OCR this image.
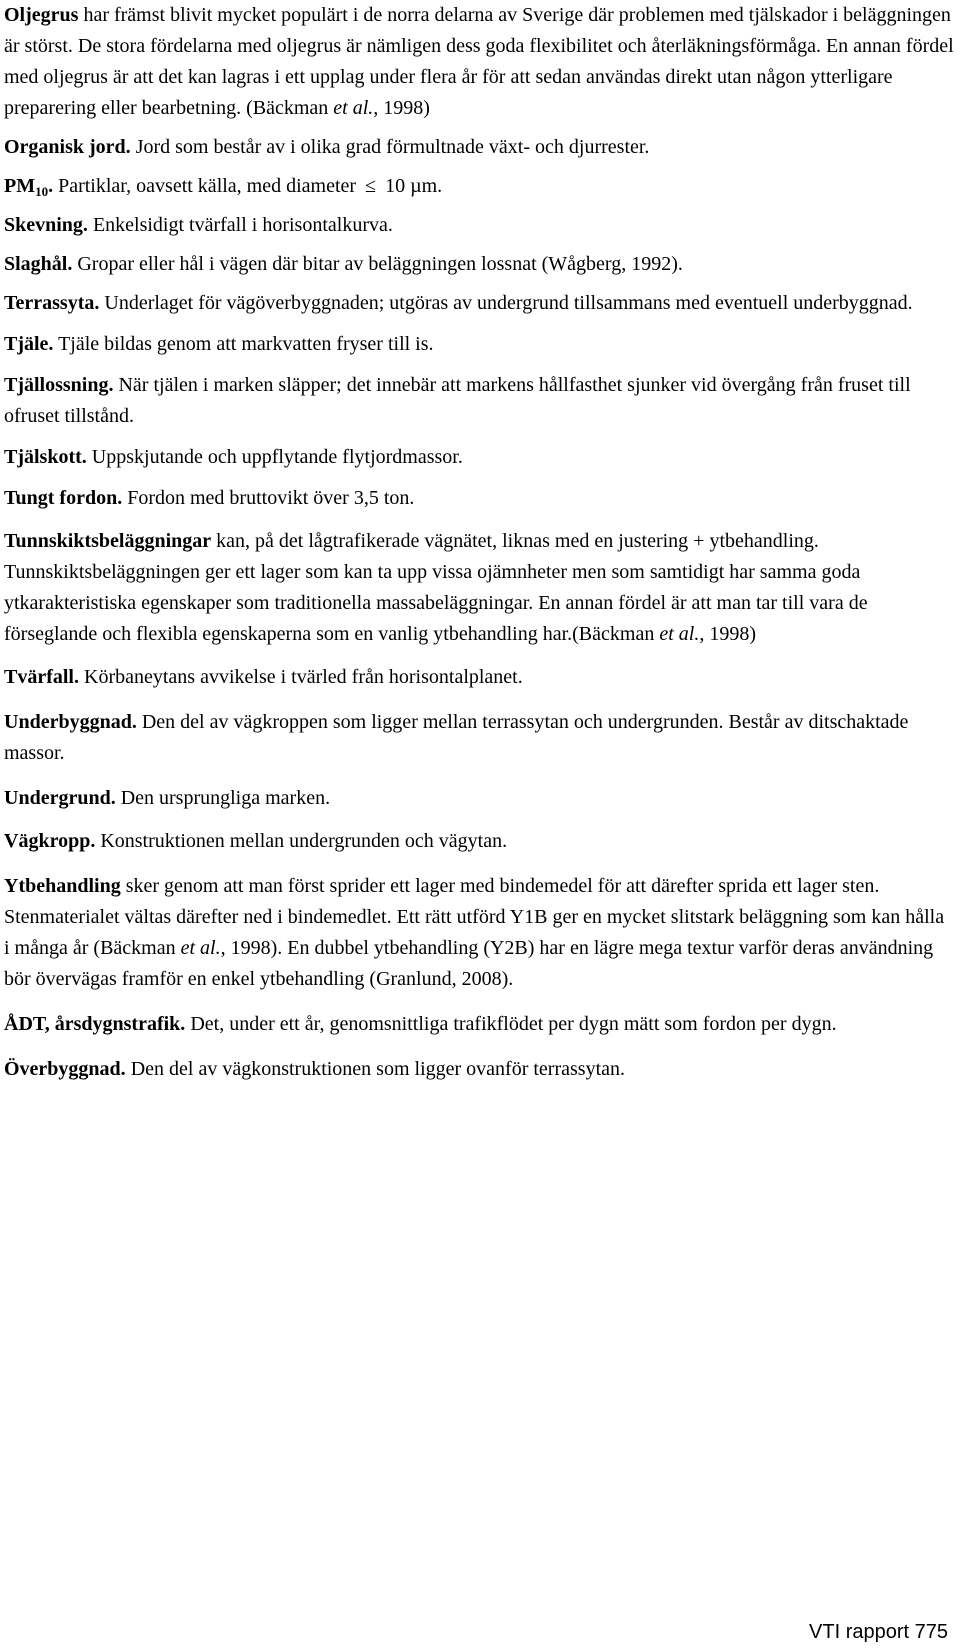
Oljegrus har främst blivit mycket populärt i de norra delarna av Sverige där problemen med tjälskador i beläggningen är störst. De stora fördelarna med oljegrus är nämligen dess goda flexibilitet och återläkningsförmåga. En annan fördel med oljegrus är att det kan lagras i ett upplag under flera år för att sedan användas direkt utan någon ytterligare preparering eller bearbetning. (Bäckman et al., 1998)

Organisk jord. Jord som består av i olika grad förmultnade växt- och djurrester.

$PM_{10}$. Partiklar, oavsett källa, med diameter ≤ 10 µm.

Skevning. Enkelsidigt tvärfall i horisontalkurva.

Slaghål. Gropar eller hål i vägen där bitar av beläggningen lossnat (Wågberg, 1992).

Terrassyta. Underlaget för vägöverbyggnaden; utgöras av undergrund tillsammans med eventuell underbyggnad.

Tjäle. Tjäle bildas genom att markvatten fryser till is.

Tjällossning. När tjälen i marken släpper; det innebär att markens hållfasthet sjunker vid övergång från fruset till ofruset tillstånd.

Tjälskott. Uppskjutande och uppflytande flytjordmassor.

Tungt fordon. Fordon med bruttovikt över 3,5 ton.

Tunnskiktsbeläggningar kan, på det lågtrafikerade vägnätet, liknas med en justering + ytbehandling. Tunnskiktsbeläggningen ger ett lager som kan ta upp vissa ojämnheter men som samtidigt har samma goda ytkarakteristiska egenskaper som traditionella massabeläggningar. En annan fördel är att man tar till vara de förseglande och flexibla egenskaperna som en vanlig ytbehandling har.(Bäckman et al., 1998)

Tvärfall. Körbaneytans avvikelse i tvärled från horisontalplanet.

Underbyggnad. Den del av vägkroppen som ligger mellan terrassytan och undergrunden. Består av ditschaktade massor.

Undergrund. Den ursprungliga marken.

Vägkropp. Konstruktionen mellan undergrunden och vägytan.

Ytbehandling sker genom att man först sprider ett lager med bindemedel för att därefter sprida ett lager sten. Stenmaterialet vältas därefter ned i bindemedlet. Ett rätt utförd Y1B ger en mycket slitstark beläggning som kan hålla i många år (Bäckman et al., 1998). En dubbel ytbehandling (Y2B) har en lägre mega textur varför deras användning bör övervägas framför en enkel ytbehandling (Granlund, 2008).

ÅDT, årsdygnstrafik. Det, under ett år, genomsnittliga trafikflödet per dygn mätt som fordon per dygn.

Överbyggnad. Den del av vägkonstruktionen som ligger ovanför terrassytan.

VTI rapport 775
